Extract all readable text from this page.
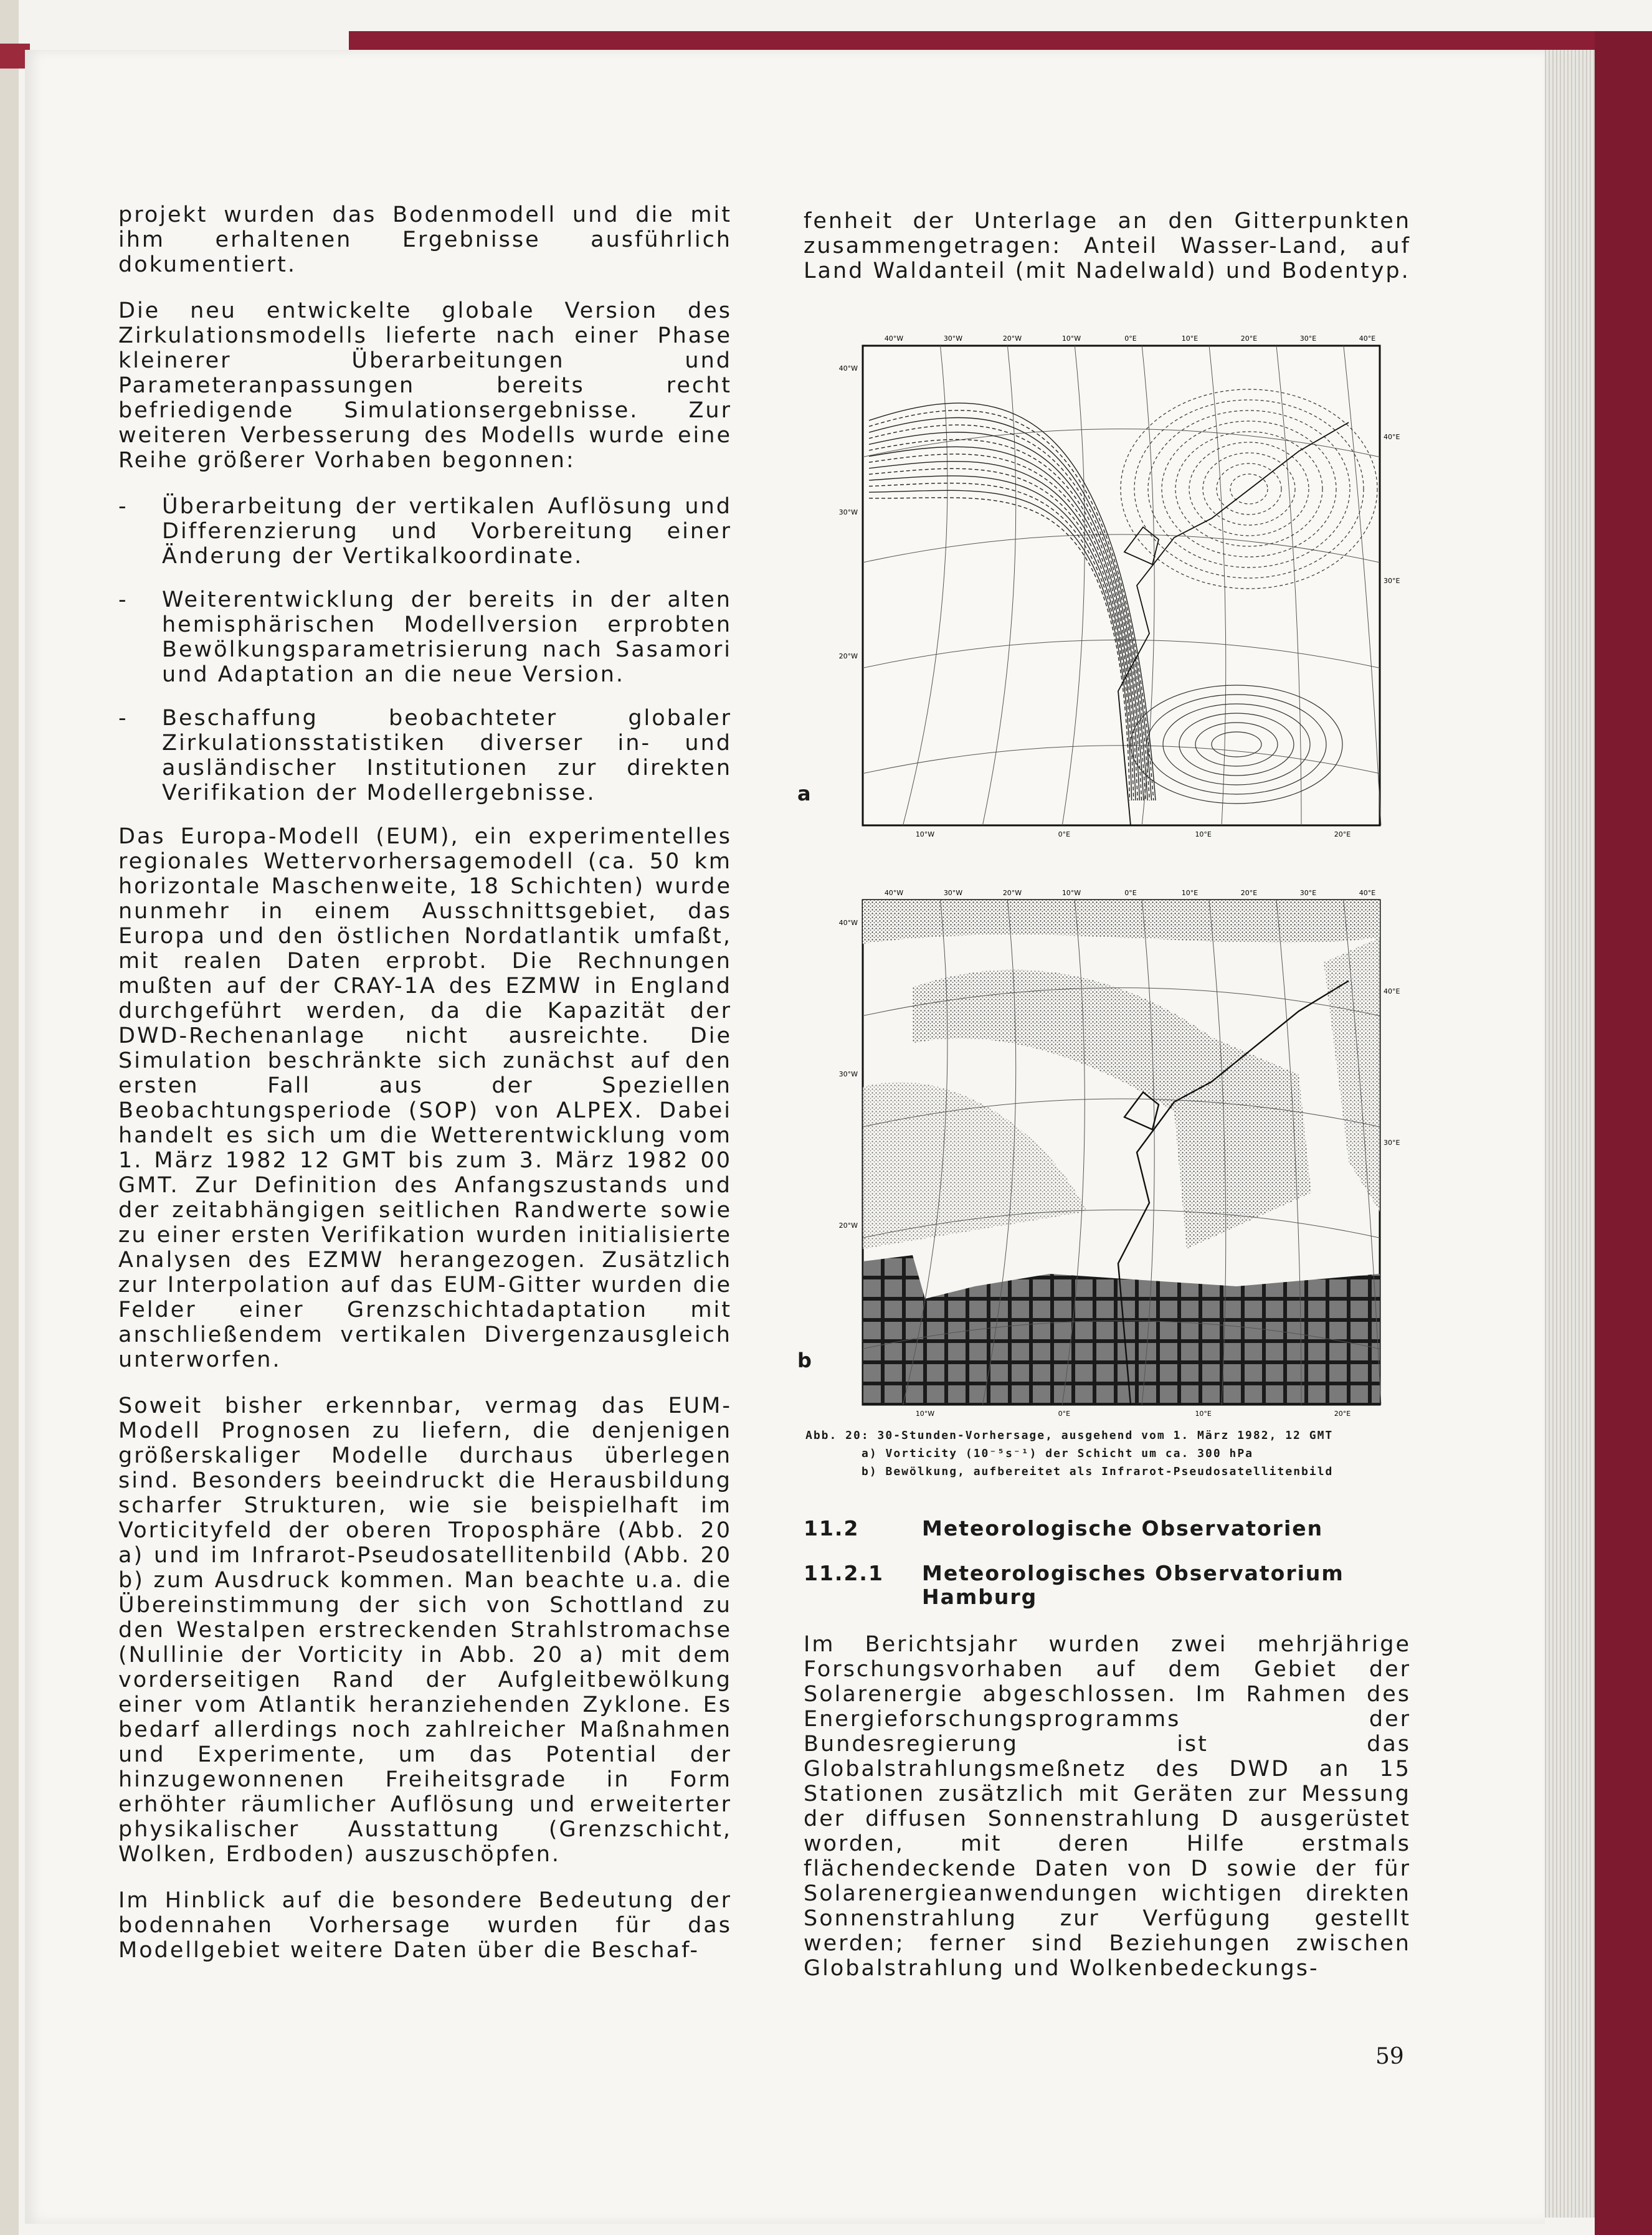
projekt wurden das Bodenmodell und die mit ihm erhaltenen Ergebnisse ausführlich dokumentiert.

Die neu entwickelte globale Version des Zirkulationsmodells lieferte nach einer Phase kleinerer Überarbeitungen und Parameteranpassungen bereits recht befriedigende Simulationsergebnisse. Zur weiteren Verbesserung des Modells wurde eine Reihe größerer Vorhaben begonnen:

- Überarbeitung der vertikalen Auflösung und Differenzierung und Vorbereitung einer Änderung der Vertikalkoordinate.
- Weiterentwicklung der bereits in der alten hemisphärischen Modellversion erprobten Bewölkungsparametrisierung nach Sasamori und Adaptation an die neue Version.
- Beschaffung beobachteter globaler Zirkulationsstatistiken diverser in- und ausländischer Institutionen zur direkten Verifikation der Modellergebnisse.

Das Europa-Modell (EUM), ein experimentelles regionales Wettervorhersagemodell (ca. 50 km horizontale Maschenweite, 18 Schichten) wurde nunmehr in einem Ausschnittsgebiet, das Europa und den östlichen Nordatlantik umfaßt, mit realen Daten erprobt. Die Rechnungen mußten auf der CRAY-1A des EZMW in England durchgeführt werden, da die Kapazität der DWD-Rechenanlage nicht ausreichte. Die Simulation beschränkte sich zunächst auf den ersten Fall aus der Speziellen Beobachtungsperiode (SOP) von ALPEX. Dabei handelt es sich um die Wetterentwicklung vom 1. März 1982 12 GMT bis zum 3. März 1982 00 GMT. Zur Definition des Anfangszustands und der zeitabhängigen seitlichen Randwerte sowie zu einer ersten Verifikation wurden initialisierte Analysen des EZMW herangezogen. Zusätzlich zur Interpolation auf das EUM-Gitter wurden die Felder einer Grenzschichtadaptation mit anschließendem vertikalen Divergenzausgleich unterworfen.

Soweit bisher erkennbar, vermag das EUM-Modell Prognosen zu liefern, die denjenigen größerskaliger Modelle durchaus überlegen sind. Besonders beeindruckt die Herausbildung scharfer Strukturen, wie sie beispielhaft im Vorticityfeld der oberen Troposphäre (Abb. 20 a) und im Infrarot-Pseudosatellitenbild (Abb. 20 b) zum Ausdruck kommen. Man beachte u.a. die Übereinstimmung der sich von Schottland zu den Westalpen erstreckenden Strahlstromachse (Nullinie der Vorticity in Abb. 20 a) mit dem vorderseitigen Rand der Aufgleitbewölkung einer vom Atlantik heranziehenden Zyklone. Es bedarf allerdings noch zahlreicher Maßnahmen und Experimente, um das Potential der hinzugewonnenen Freiheitsgrade in Form erhöhter räumlicher Auflösung und erweiterter physikalischer Ausstattung (Grenzschicht, Wolken, Erdboden) auszuschöpfen.

Im Hinblick auf die besondere Bedeutung der bodennahen Vorhersage wurden für das Modellgebiet weitere Daten über die Beschaf-

fenheit der Unterlage an den Gitterpunkten zusammengetragen: Anteil Wasser-Land, auf Land Waldanteil (mit Nadelwald) und Bodentyp.

40°W	30°W	20°W	10°W	0°E	10°E	20°E	30°E	40°E
40°W
30°W
20°W
40°E
30°E
10°W	0°E	10°E	20°E
a
40°W	30°W	20°W	10°W	0°E	10°E	20°E	30°E	40°E
40°W
30°W
20°W
40°E
30°E
10°W	0°E	10°E	20°E
b
Abb. 20: 30-Stunden-Vorhersage, ausgehend vom 1. März 1982, 12 GMT
a) Vorticity (10⁻⁵s⁻¹) der Schicht um ca. 300 hPa
b) Bewölkung, aufbereitet als Infrarot-Pseudosatellitenbild
11.2	Meteorologische Observatorien
11.2.1 Meteorologisches Observatorium Hamburg

Im Berichtsjahr wurden zwei mehrjährige Forschungsvorhaben auf dem Gebiet der Solarenergie abgeschlossen. Im Rahmen des Energieforschungsprogramms der Bundesregierung ist das Globalstrahlungsmeßnetz des DWD an 15 Stationen zusätzlich mit Geräten zur Messung der diffusen Sonnenstrahlung D ausgerüstet worden, mit deren Hilfe erstmals flächendeckende Daten von D sowie der für Solarenergieanwendungen wichtigen direkten Sonnenstrahlung zur Verfügung gestellt werden; ferner sind Beziehungen zwischen Globalstrahlung und Wolkenbedeckungs-

59
